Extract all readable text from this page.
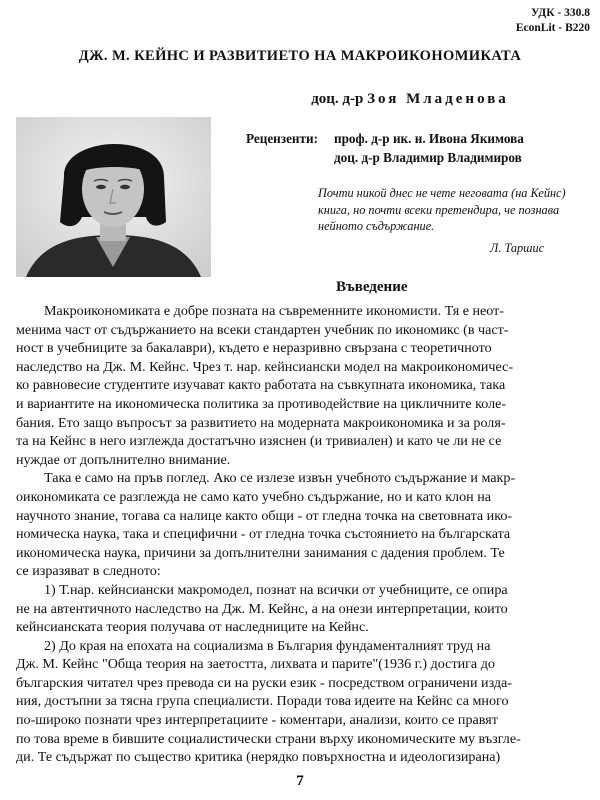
УДК - 330.8
EconLit - B220
ДЖ. М. КЕЙНС И РАЗВИТИЕТО НА МАКРОИКОНОМИКАТА
доц. д-р Зоя Младенова
Рецензенти: проф. д-р ик. н. Ивона Якимова
доц. д-р Владимир Владимиров
Почти никой днес не чете неговата (на Кейнс)
книга, но почти всеки претендира, че познава
нейното съдържание.
Л. Таршис
Въведение
Макроикономиката е добре позната на съвременните икономисти. Тя е неот-
менима част от съдържанието на всеки стандартен учебник по икономикс (в част-
ност в учебниците за бакалаври), където е неразривно свързана с теоретичното
наследство на Дж. М. Кейнс. Чрез т. нар. кейнсиански модел на макроикономичес-
ко равновесие студентите изучават както работата на съвкупната икономика, така
и вариантите на икономическа политика за противодействие на цикличните коле-
бания. Ето защо въпросът за развитието на модерната макроикономика и за роля-
та на Кейнс в него изглежда достатъчно изяснен (и тривиален) и като че ли не се
нуждае от допълнително внимание.
Така е само на пръв поглед. Ако се излезе извън учебното съдържание и макр-
оикономиката се разглежда не само като учебно съдържание, но и като клон на
научното знание, тогава са налице както общи - от гледна точка на световната ико-
номическа наука, така и специфични - от гледна точка състоянието на българската
икономическа наука, причини за допълнителни занимания с дадения проблем. Те
се изразяват в следното:
1) Т.нар. кейнсиански макромодел, познат на всички от учебниците, се опира
не на автентичното наследство на Дж. М. Кейнс, а на онези интерпретации, които
кейнсианската теория получава от наследниците на Кейнс.
2) До края на епохата на социализма в България фундаменталният труд на
Дж. М. Кейнс "Обща теория на заетостта, лихвата и парите"(1936 г.) достига до
българския читател чрез превода си на руски език - посредством ограничени изда-
ния, достъпни за тясна група специалисти. Поради това идеите на Кейнс са много
по-широко познати чрез интерпретациите - коментари, анализи, които се правят
по това време в бившите социалистически страни върху икономическите му възгле-
ди. Те съдържат по същество критика (нерядко повърхностна и идеологизирана)
7
